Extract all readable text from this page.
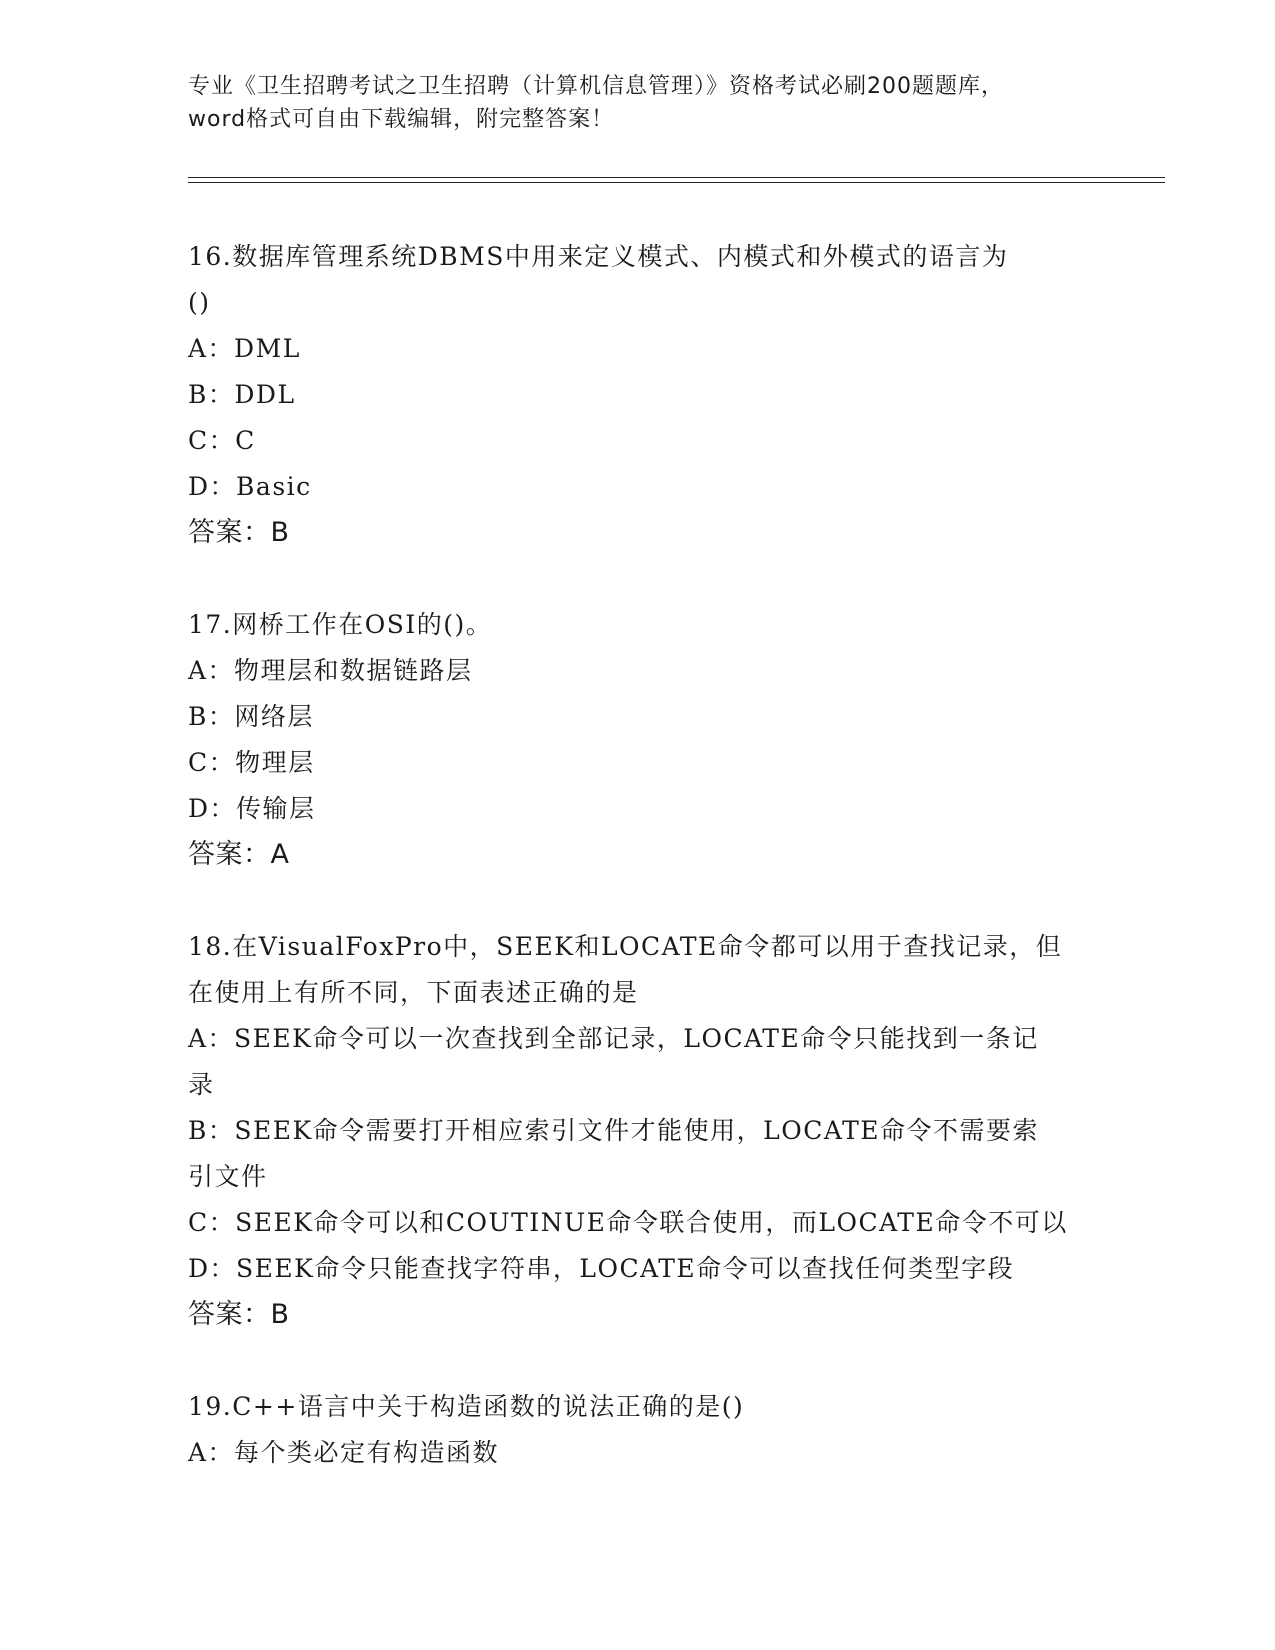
专业《卫生招聘考试之卫生招聘（计算机信息管理）》资格考试必刷200题题库，
word格式可自由下载编辑，附完整答案！

16.数据库管理系统DBMS中用来定义模式、内模式和外模式的语言为

()

A：DML

B：DDL

C：C

D：Basic

答案：B

17.网桥工作在OSI的()。

A：物理层和数据链路层

B：网络层

C：物理层

D：传输层

答案：A

18.在VisualFoxPro中，SEEK和LOCATE命令都可以用于查找记录，但

在使用上有所不同，下面表述正确的是

A：SEEK命令可以一次查找到全部记录，LOCATE命令只能找到一条记

录

B：SEEK命令需要打开相应索引文件才能使用，LOCATE命令不需要索

引文件

C：SEEK命令可以和COUTINUE命令联合使用，而LOCATE命令不可以

D：SEEK命令只能查找字符串，LOCATE命令可以查找任何类型字段

答案：B

19.C++语言中关于构造函数的说法正确的是()

A：每个类必定有构造函数
